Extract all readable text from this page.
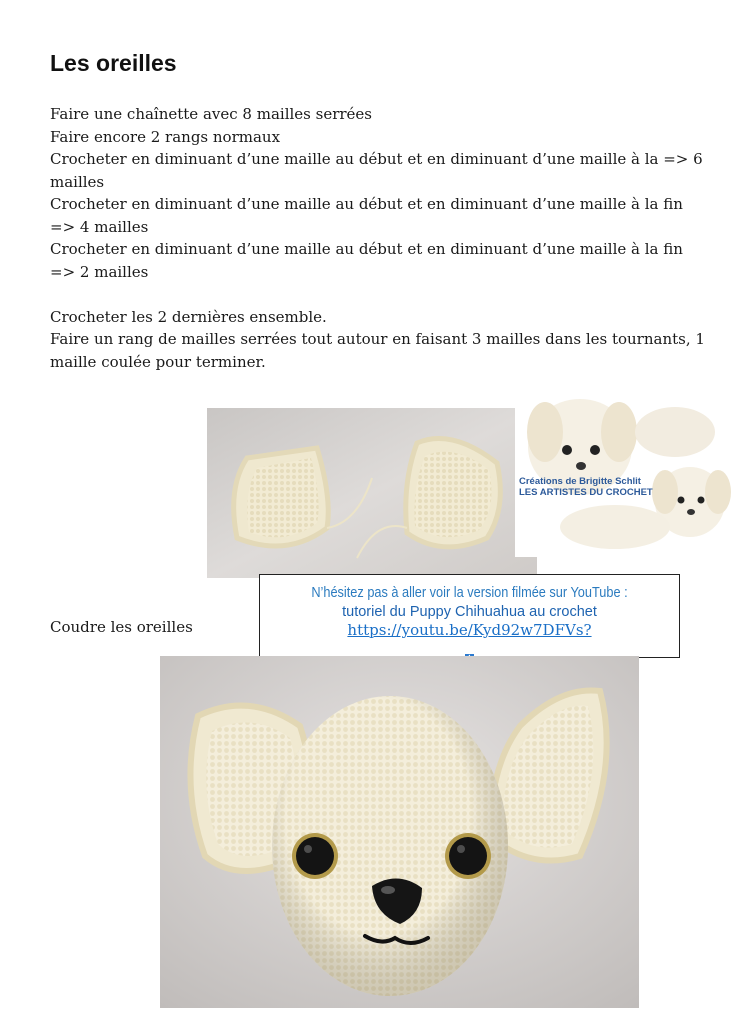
Les oreilles

Faire une chaînette avec 8 mailles serrées

Faire encore 2 rangs normaux

Crocheter en diminuant d’une maille au début et en diminuant d’une maille à la => 6 mailles

Crocheter en diminuant d’une maille au début et en diminuant d’une maille à la fin => 4 mailles

Crocheter en diminuant d’une maille au début et en diminuant d’une maille à la fin => 2 mailles

Crocheter les 2 dernières ensemble.

Faire un rang de mailles serrées tout autour en faisant 3 mailles dans les tournants, 1 maille coulée pour terminer.

Créations de Brigitte Schlit
LES ARTISTES DU CROCHET
N’hésitez pas à aller voir la version filmée sur YouTube :
tutoriel du Puppy Chihuahua au crochet
https://youtu.be/Kyd92w7DFVs?
Coudre les oreilles
